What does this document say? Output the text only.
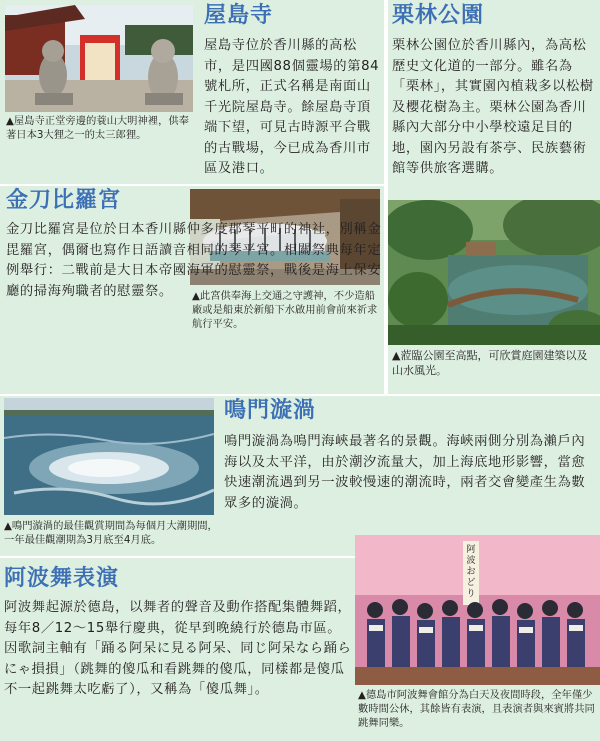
▲屋島寺正堂旁邊的蓑山大明神裡，供奉著日本3大狸之一的太三郎狸。
屋島寺
屋島寺位於香川縣的高松市，是四國88個靈場的第84號札所，正式名稱是南面山千光院屋島寺。餘屋島寺頂端下望，可見古時源平合戰的古戰場，今已成為香川市區及港口。
栗林公園
栗林公園位於香川縣內，為高松歷史文化道的一部分。雖名為「栗林」，其實園內植栽多以松樹及櫻花樹為主。栗林公園為香川縣內大部分中小學校遠足目的地，園內另設有茶亭、民族藝術館等供旅客選購。
▲蒞臨公園至高點，可欣賞庭園建築以及山水風光。
金刀比羅宮
▲此宮供奉海上交通之守護神，不少造船廠或是船東於新船下水啟用前會前來祈求航行平安。
金刀比羅宮是位於日本香川縣仲多度郡琴平町的神社，別稱金毘羅宮，偶爾也寫作日語讀音相同的琴平宮。相關祭典每年定例舉行：二戰前是大日本帝國海軍的慰靈祭，戰後是海上保安廳的掃海殉職者的慰靈祭。
▲鳴門漩渦的最佳觀賞期間為每個月大潮期間，一年最佳觀潮期為3月底至4月底。
鳴門漩渦
鳴門漩渦為鳴門海峽最著名的景觀。海峽兩側分別為瀨戶內海以及太平洋，由於潮汐流量大，加上海底地形影響，當愈快速潮流遇到另一波較慢速的潮流時，兩者交會變產生為數眾多的漩渦。
阿波舞表演
阿波舞起源於德島，以舞者的聲音及動作搭配集體舞蹈，每年8／12～15舉行慶典，從早到晚繞行於德島市區。 因歌詞主軸有「踊る阿呆に見る阿呆、同じ阿呆なら踊らにゃ損損」（跳舞的傻瓜和看跳舞的傻瓜，同樣都是傻瓜不一起跳舞太吃虧了），又稱為「傻瓜舞」。
阿波おどり
▲德島市阿波舞會館分為白天及夜間時段，全年僅少數時間公休，其餘皆有表演，且表演者與來賓將共同跳舞同樂。
